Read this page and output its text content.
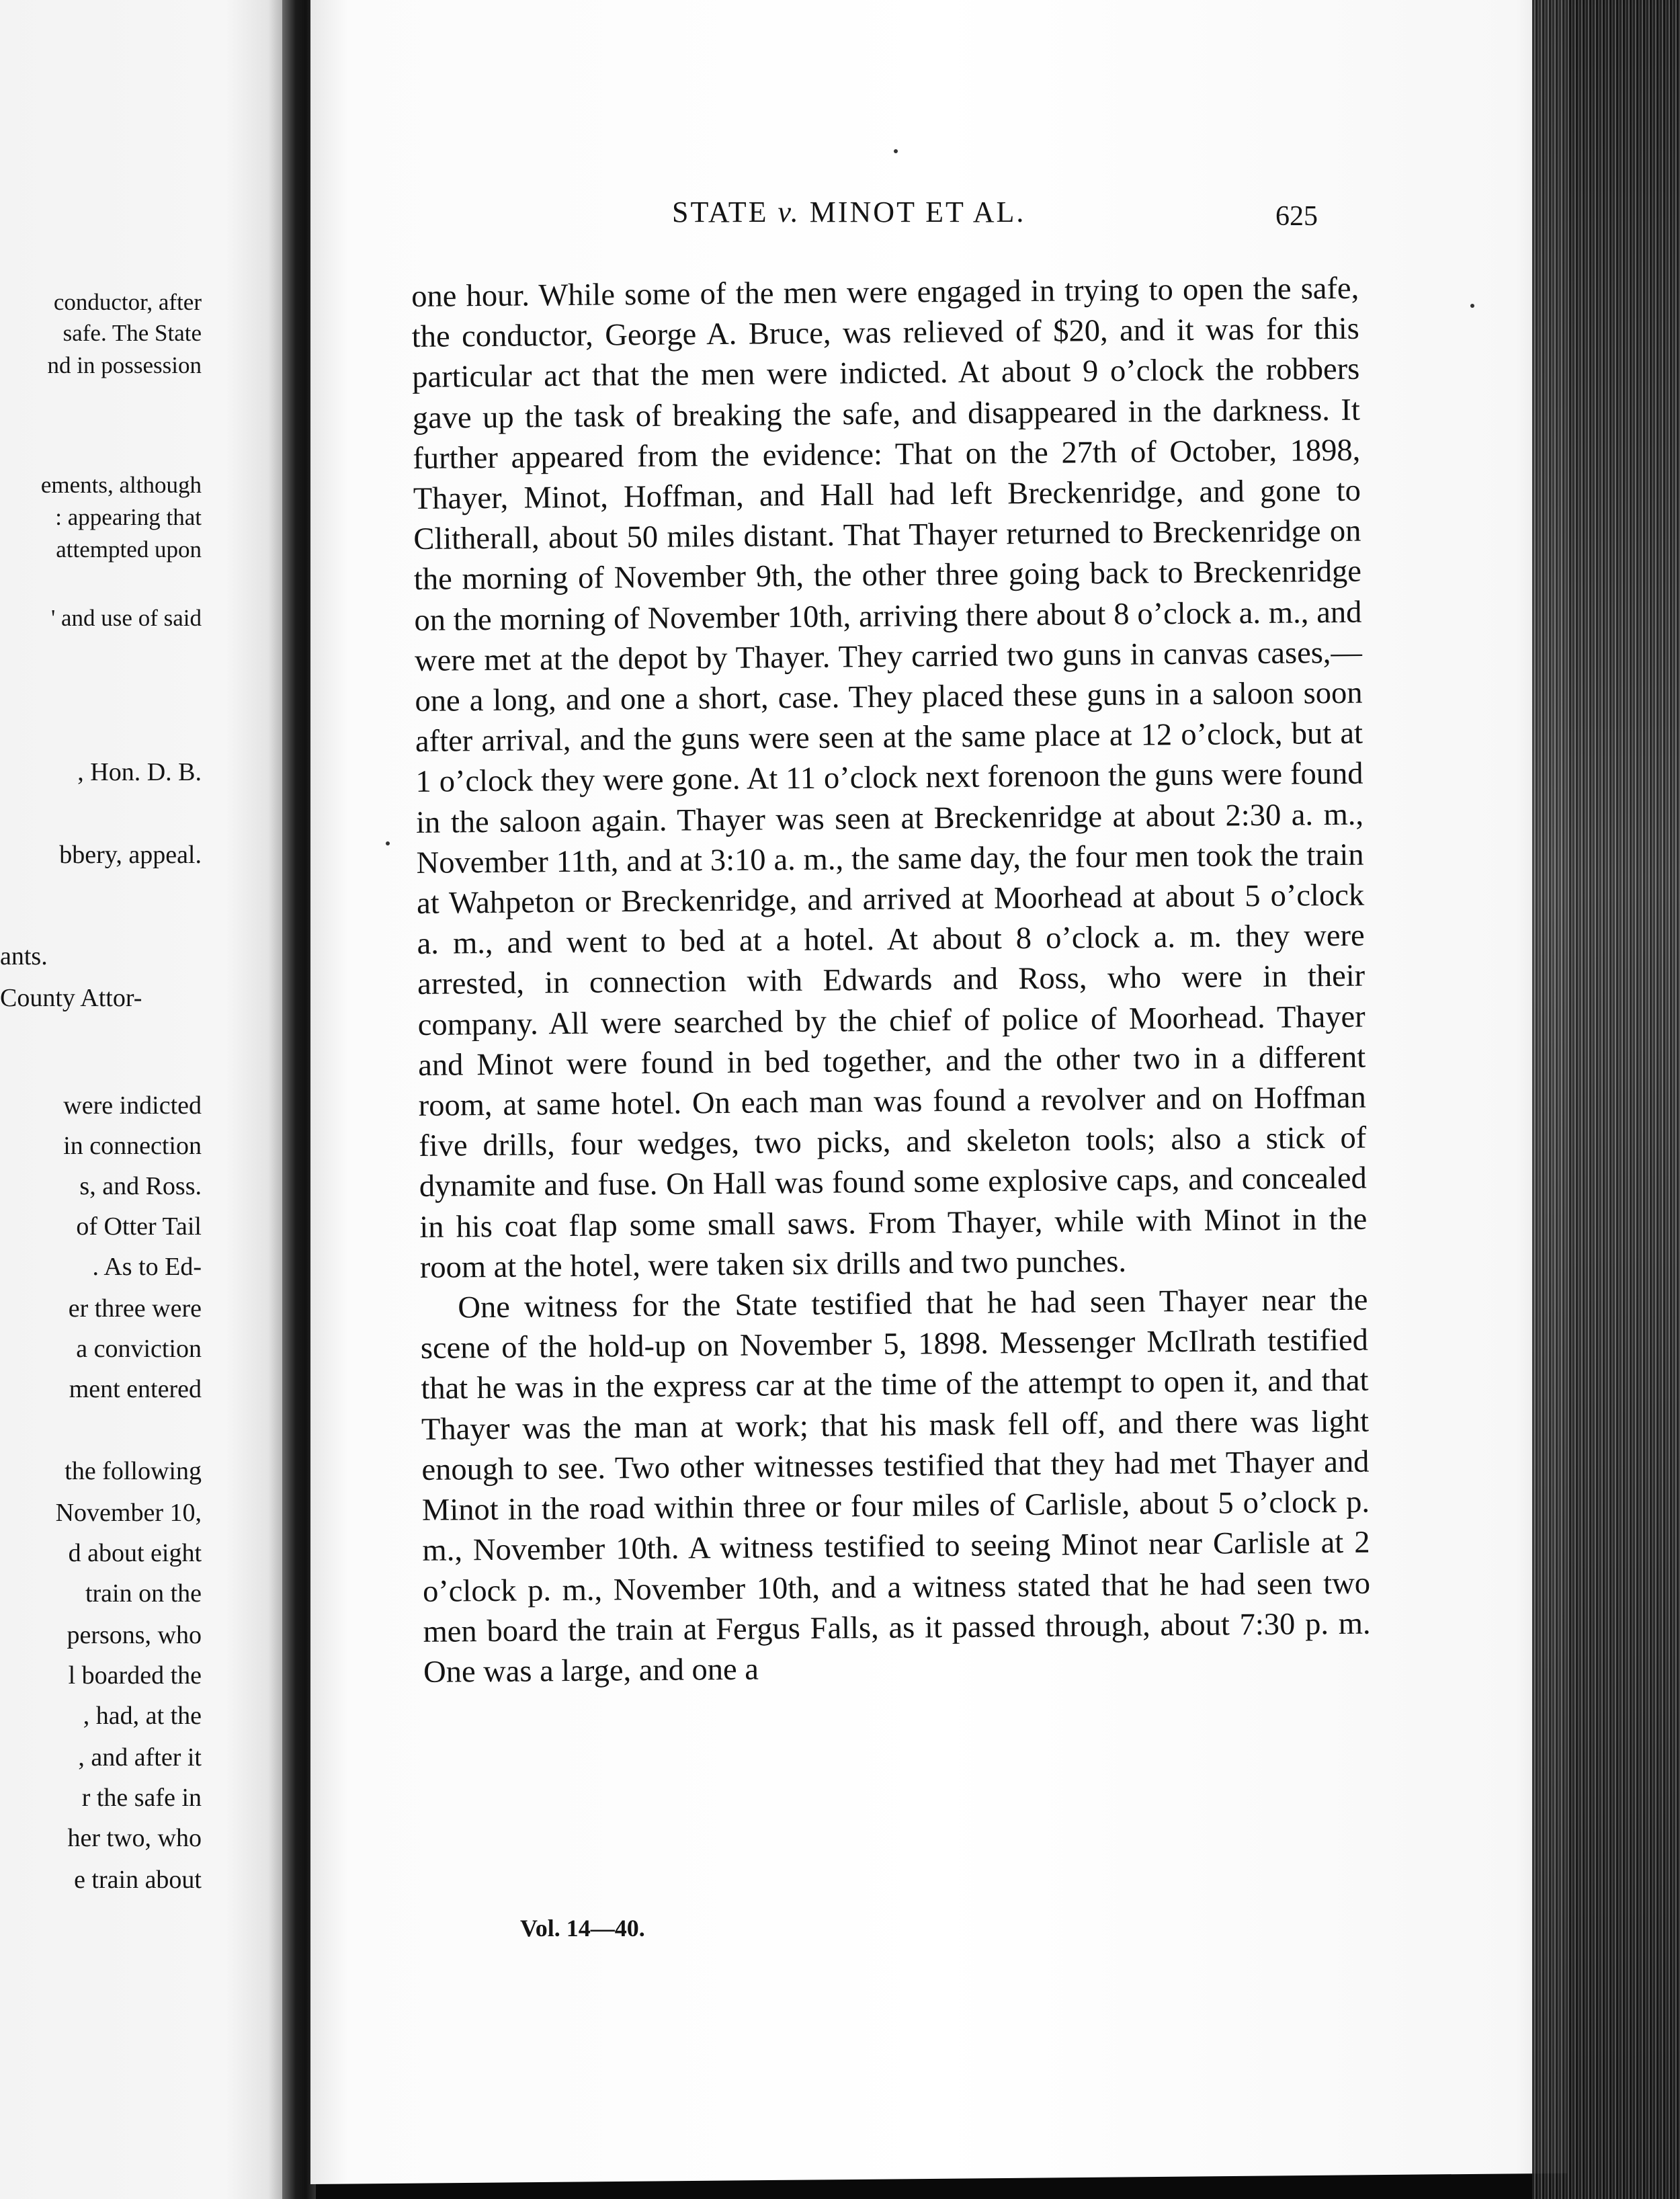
conductor, after
safe. The State
nd in possession
ements, although
: appearing that
attempted upon
' and use of said
, Hon. D. B.
bbery, appeal.
ants.
County Attor-
were indicted
in connection
s, and Ross.
of Otter Tail
. As to Ed-
er three were
a conviction
ment entered
the following
November 10,
d about eight
train on the
persons, who
l boarded the
, had, at the
, and after it
r the safe in
her two, who
e train about
STATE v. MINOT ET AL.	625

one hour. While some of the men were engaged in trying to open the safe, the conductor, George A. Bruce, was relieved of $20, and it was for this particular act that the men were indicted. At about 9 o’clock the robbers gave up the task of breaking the safe, and disappeared in the darkness. It further appeared from the evidence: That on the 27th of October, 1898, Thayer, Minot, Hoffman, and Hall had left Breckenridge, and gone to Clitherall, about 50 miles distant. That Thayer returned to Breckenridge on the morning of November 9th, the other three going back to Breckenridge on the morning of November 10th, arriving there about 8 o’clock a. m., and were met at the depot by Thayer. They carried two guns in canvas cases,—one a long, and one a short, case. They placed these guns in a saloon soon after arrival, and the guns were seen at the same place at 12 o’clock, but at 1 o’clock they were gone. At 11 o’clock next forenoon the guns were found in the saloon again. Thayer was seen at Breckenridge at about 2:30 a. m., November 11th, and at 3:10 a. m., the same day, the four men took the train at Wahpeton or Breckenridge, and arrived at Moorhead at about 5 o’clock a. m., and went to bed at a hotel. At about 8 o’clock a. m. they were arrested, in connection with Edwards and Ross, who were in their company. All were searched by the chief of police of Moorhead. Thayer and Minot were found in bed together, and the other two in a different room, at same hotel. On each man was found a revolver and on Hoffman five drills, four wedges, two picks, and skeleton tools; also a stick of dynamite and fuse. On Hall was found some explosive caps, and concealed in his coat flap some small saws. From Thayer, while with Minot in the room at the hotel, were taken six drills and two punches.

One witness for the State testified that he had seen Thayer near the scene of the hold-up on November 5, 1898. Messenger McIlrath testified that he was in the express car at the time of the attempt to open it, and that Thayer was the man at work; that his mask fell off, and there was light enough to see. Two other witnesses testified that they had met Thayer and Minot in the road within three or four miles of Carlisle, about 5 o’clock p. m., November 10th. A witness testified to seeing Minot near Carlisle at 2 o’clock p. m., November 10th, and a witness stated that he had seen two men board the train at Fergus Falls, as it passed through, about 7:30 p. m. One was a large, and one a

Vol. 14—40.
